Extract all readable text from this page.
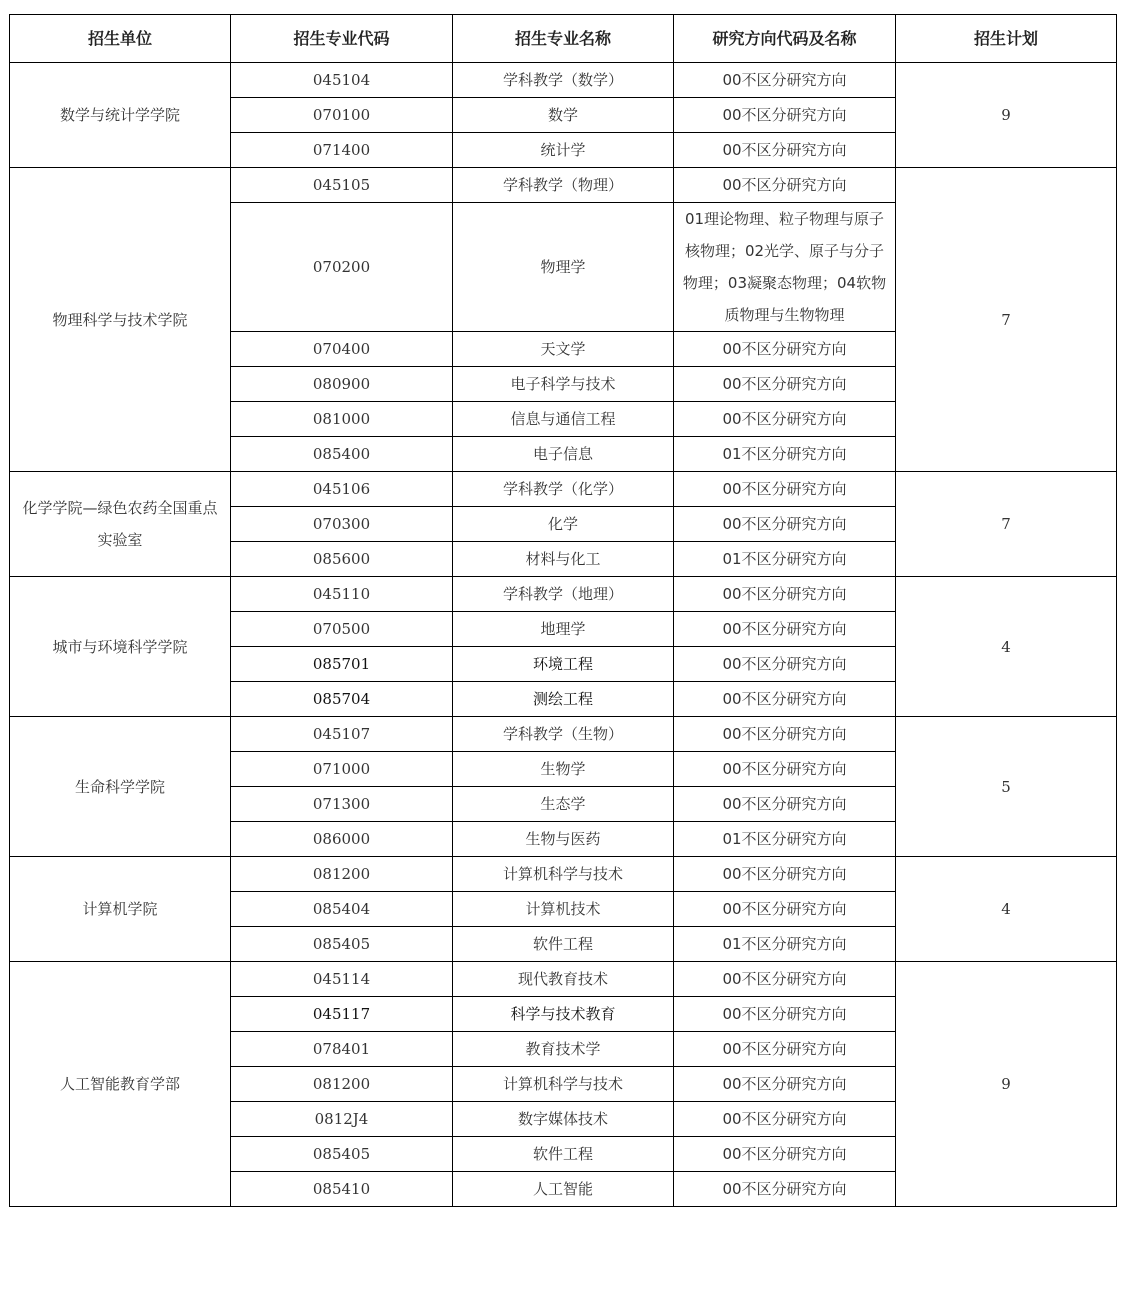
招生单位	招生专业代码	招生专业名称	研究方向代码及名称	招生计划
数学与统计学学院	045104	学科教学（数学）	00不区分研究方向	9
	070100	数学	00不区分研究方向	
	071400	统计学	00不区分研究方向	
物理科学与技术学院	045105	学科教学（物理）	00不区分研究方向	7
	070200	物理学	01理论物理、粒子物理与原子核物理；02光学、原子与分子物理；03凝聚态物理；04软物质物理与生物物理	
	070400	天文学	00不区分研究方向	
	080900	电子科学与技术	00不区分研究方向	
	081000	信息与通信工程	00不区分研究方向	
	085400	电子信息	01不区分研究方向	
化学学院—绿色农药全国重点实验室	045106	学科教学（化学）	00不区分研究方向	7
	070300	化学	00不区分研究方向	
	085600	材料与化工	01不区分研究方向	
城市与环境科学学院	045110	学科教学（地理）	00不区分研究方向	4
	070500	地理学	00不区分研究方向	
	085701	环境工程	00不区分研究方向	
	085704	测绘工程	00不区分研究方向	
生命科学学院	045107	学科教学（生物）	00不区分研究方向	5
	071000	生物学	00不区分研究方向	
	071300	生态学	00不区分研究方向	
	086000	生物与医药	01不区分研究方向	
计算机学院	081200	计算机科学与技术	00不区分研究方向	4
	085404	计算机技术	00不区分研究方向	
	085405	软件工程	01不区分研究方向	
人工智能教育学部	045114	现代教育技术	00不区分研究方向	9
	045117	科学与技术教育	00不区分研究方向	
	078401	教育技术学	00不区分研究方向	
	081200	计算机科学与技术	00不区分研究方向	
	0812J4	数字媒体技术	00不区分研究方向	
	085405	软件工程	00不区分研究方向	
	085410	人工智能	00不区分研究方向	
